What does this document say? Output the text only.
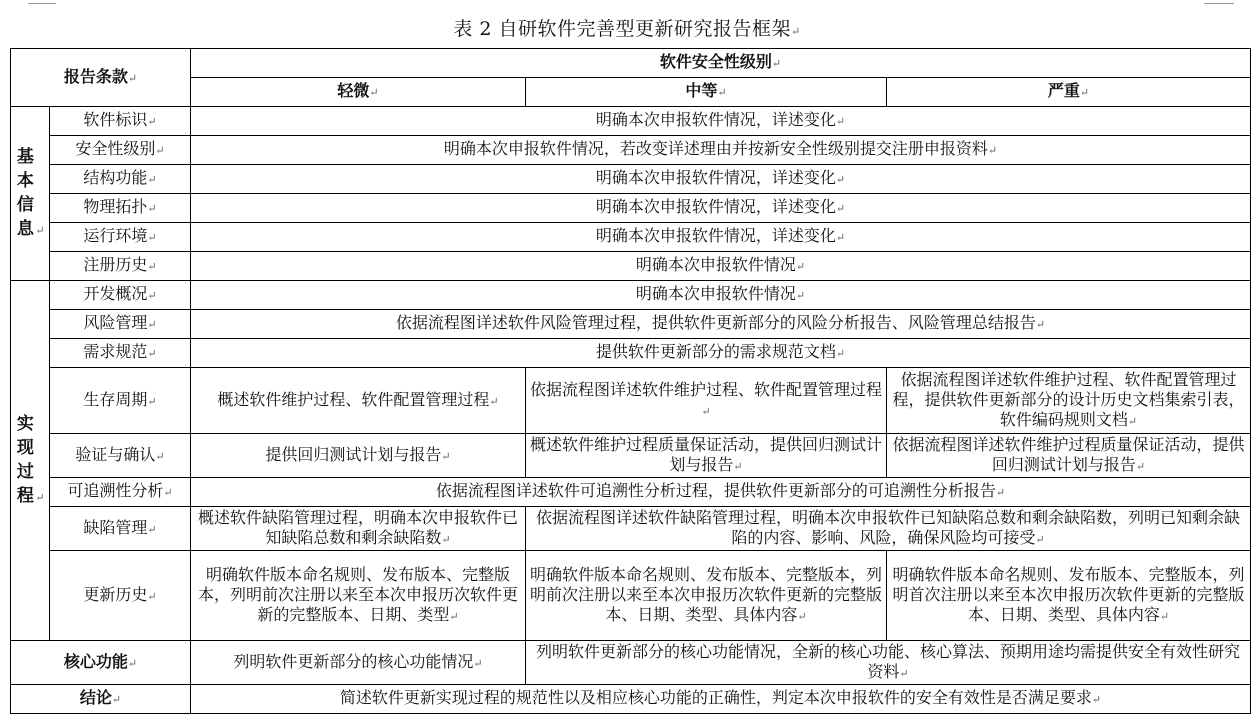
表 2 自研软件完善型更新研究报告框架 ↵
报告条款 ↵		软件安全性级别 ↵
		轻微 ↵	中等 ↵	严重 ↵
基本信息 ↵	软件标识 ↵	明确本次申报软件情况，详述变化 ↵
	安全性级别 ↵	明确本次申报软件情况，若改变详述理由并按新安全性级别提交注册申报资料 ↵
	结构功能 ↵	明确本次申报软件情况，详述变化 ↵
	物理拓扑 ↵	明确本次申报软件情况，详述变化 ↵
	运行环境 ↵	明确本次申报软件情况，详述变化 ↵
	注册历史 ↵	明确本次申报软件情况 ↵
实现过程 ↵	开发概况 ↵	明确本次申报软件情况 ↵
	风险管理 ↵	依据流程图详述软件风险管理过程，提供软件更新部分的风险分析报告、风险管理总结报告 ↵
	需求规范 ↵	提供软件更新部分的需求规范文档 ↵
	生存周期 ↵	概述软件维护过程、软件配置管理过程 ↵	依据流程图详述软件维护过程、软件配置管理过程 ↵	依据流程图详述软件维护过程、软件配置管理过程，提供软件更新部分的设计历史文档集索引表，软件编码规则文档 ↵
	验证与确认 ↵	提供回归测试计划与报告 ↵	概述软件维护过程质量保证活动，提供回归测试计划与报告 ↵	依据流程图详述软件维护过程质量保证活动，提供回归测试计划与报告 ↵
	可追溯性分析 ↵	依据流程图详述软件可追溯性分析过程，提供软件更新部分的可追溯性分析报告 ↵
	缺陷管理 ↵	概述软件缺陷管理过程，明确本次申报软件已知缺陷总数和剩余缺陷数 ↵	依据流程图详述软件缺陷管理过程，明确本次申报软件已知缺陷总数和剩余缺陷数，列明已知剩余缺陷的内容、影响、风险，确保风险均可接受 ↵
	更新历史 ↵	明确软件版本命名规则、发布版本、完整版本，列明前次注册以来至本次申报历次软件更新的完整版本、日期、类型 ↵	明确软件版本命名规则、发布版本、完整版本，列明前次注册以来至本次申报历次软件更新的完整版本、日期、类型、具体内容 ↵	明确软件版本命名规则、发布版本、完整版本，列明首次注册以来至本次申报历次软件更新的完整版本、日期、类型、具体内容 ↵
核心功能 ↵		列明软件更新部分的核心功能情况 ↵	列明软件更新部分的核心功能情况，全新的核心功能、核心算法、预期用途均需提供安全有效性研究资料 ↵
结论 ↵		简述软件更新实现过程的规范性以及相应核心功能的正确性，判定本次申报软件的安全有效性是否满足要求 ↵
